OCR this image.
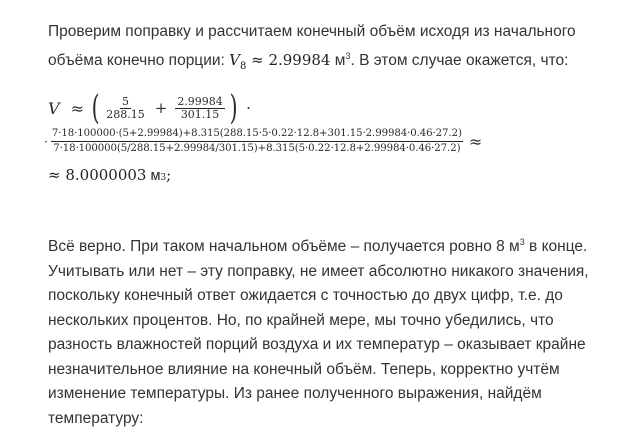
Проверим поправку и рассчитаем конечный объём исходя из начального объёма конечно порции: $V_8 \approx 2.99984$ $м^3$. В этом случае окажется, что:
V ≈ ( $\frac{5}{288.15} + \frac{2.99984}{301.15}$ ) ·
·
7·18·100000·(5+2.99984)+8.315(288.15·5·0.22·12.8+301.15·2.99984·0.46·27.2)
7·18·100000(5/288.15+2.99984/301.15)+8.315(5·0.22·12.8+2.99984·0.46·27.2) ≈
≈ 8.0000003 м 3 ;
Всё верно. При таком начальном объёме – получается ровно 8 $м^3$ в конце. Учитывать или нет – эту поправку, не имеет абсолютно никакого значения, поскольку конечный ответ ожидается с точностью до двух цифр, т.е. до нескольких процентов. Но, по крайней мере, мы точно убедились, что разность влажностей порций воздуха и их температур – оказывает крайне незначительное влияние на конечный объём. Теперь, корректно учтём изменение температуры. Из ранее полученного выражения, найдём температуру:
